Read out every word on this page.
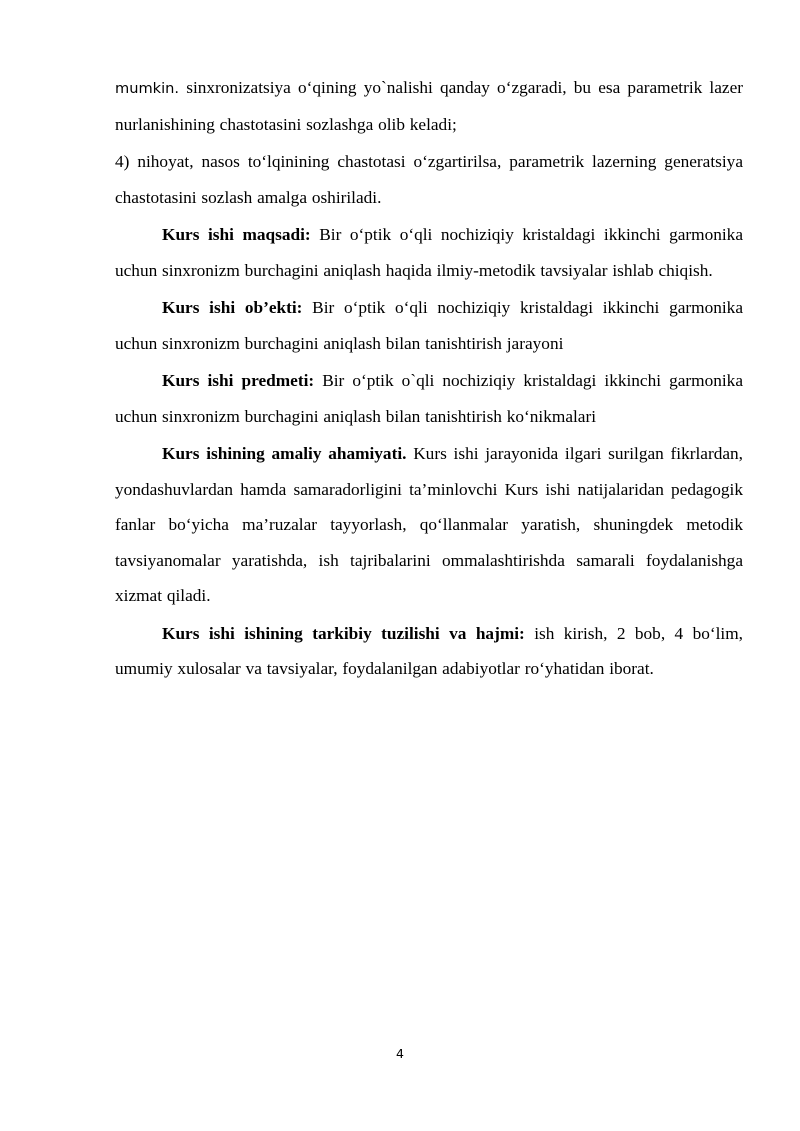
mumkin. sinxronizatsiya oʻqining yo`nalishi qanday oʻzgaradi, bu esa parametrik lazer nurlanishining chastotasini sozlashga olib keladi;

4) nihoyat, nasos toʻlqinining chastotasi oʻzgartirilsa, parametrik lazerning generatsiya chastotasini sozlash amalga oshiriladi.

Kurs ishi maqsadi: Bir oʻptik oʻqli nochiziqiy kristaldagi ikkinchi garmonika uchun sinxronizm burchagini aniqlash haqida ilmiy-metodik tavsiyalar ishlab chiqish.

Kurs ishi ob’ekti: Bir oʻptik oʻqli nochiziqiy kristaldagi ikkinchi garmonika uchun sinxronizm burchagini aniqlash bilan tanishtirish jarayoni

Kurs ishi predmeti: Bir oʻptik o`qli nochiziqiy kristaldagi ikkinchi garmonika uchun sinxronizm burchagini aniqlash bilan tanishtirish koʻnikmalari

Kurs ishining amaliy ahamiyati. Kurs ishi jarayonida ilgari surilgan fikrlardan, yondashuvlardan hamda samaradorligini ta’minlovchi Kurs ishi natijalaridan pedagogik fanlar boʻyicha ma’ruzalar tayyorlash, qoʻllanmalar yaratish, shuningdek metodik tavsiyanomalar yaratishda, ish tajribalarini ommalashtirishda samarali foydalanishga xizmat qiladi.

Kurs ishi ishining tarkibiy tuzilishi va hajmi: ish kirish, 2 bob, 4 boʻlim, umumiy xulosalar va tavsiyalar, foydalanilgan adabiyotlar roʻyhatidan iborat.

4
